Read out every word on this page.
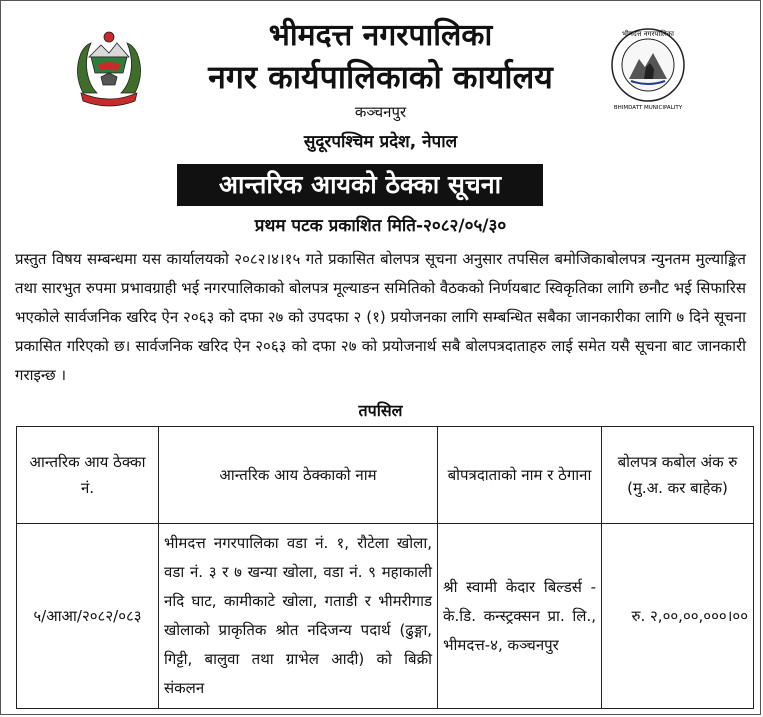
भीमदत्त नगरपालिका
BHIMDATT MUNICIPALITY
भीमदत्त नगरपालिका
नगर कार्यपालिकाको कार्यालय
कञ्चनपुर
सुदूरपश्चिम प्रदेश, नेपाल
आन्तरिक आयको ठेक्का सूचना
प्रथम पटक प्रकाशित मिति-२०८२/०५/३०
प्रस्तुत विषय सम्बन्धमा यस कार्यालयको २०८२।४।१५ गते प्रकासित बोलपत्र सूचना अनुसार तपसिल बमोजिकाबोलपत्र न्युनतम मुल्याङ्कित तथा सारभुत रुपमा प्रभावग्राही भई नगरपालिकाको बोलपत्र मूल्याङन समितिको वैठकको निर्णयबाट स्विकृतिका लागि छनौट भई सिफारिस भएकोले सार्वजनिक खरिद ऐन २०६३ को दफा २७ को उपदफा २ (१) प्रयोजनका लागि सम्बन्धित सबैका जानकारीका लागि ७ दिने सूचना प्रकासित गरिएको छ। सार्वजनिक खरिद ऐन २०६३ को दफा २७ को प्रयोजनार्थ सबै बोलपत्रदाताहरु लाई समेत यसै सूचना बाट जानकारी गराइन्छ ।
तपसिल
आन्तरिक आय ठेक्का नं.	आन्तरिक आय ठेक्काको नाम	बोपत्रदाताको नाम र ठेगाना	बोलपत्र कबोल अंक रु (मु.अ. कर बाहेक)
५/आआ/२०८२/०८३	भीमदत्त नगरपालिका वडा नं. १, रौटेला खोला, वडा नं. ३ र ७ खन्या खोला, वडा नं. ९ महाकाली नदि घाट, कामीकाटे खोला, गताडी र भीमरीगाड खोलाको प्राकृतिक श्रोत नदिजन्य पदार्थ (ढुङ्गा, गिट्टी, बालुवा तथा ग्राभेल आदी) को बिक्री संकलन	श्री स्वामी केदार बिल्डर्स - के.डि. कन्स्ट्रक्सन प्रा. लि., भीमदत्त-४, कञ्चनपुर	रु. २,००,००,०००।००
